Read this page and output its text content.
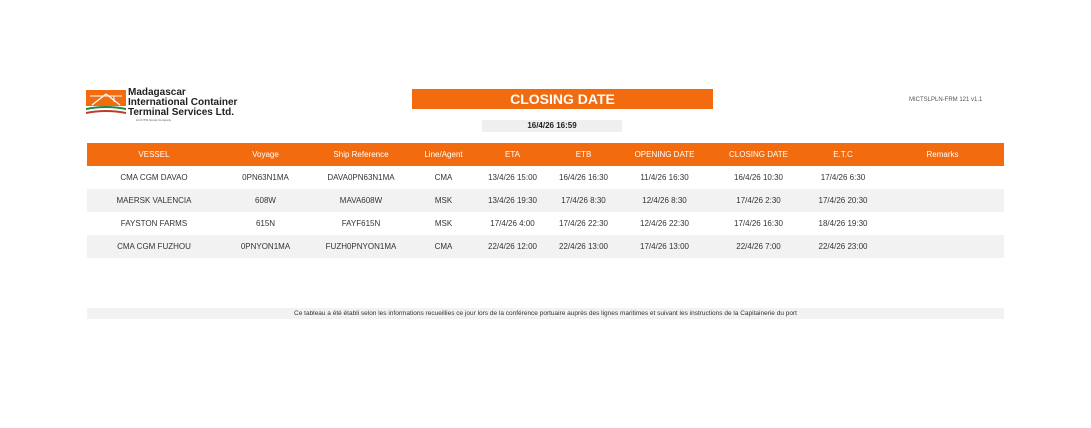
Madagascar
International Container
Terminal Services Ltd.
An ICTSI Group Company
CLOSING DATE	MICTSLPLN-FRM 121 v1.1
16/4/26 16:59
VESSEL	Voyage	Ship Reference	Line/Agent	ETA	ETB	OPENING DATE	CLOSING DATE	E.T.C	Remarks
CMA CGM DAVAO	0PN63N1MA	DAVA0PN63N1MA	CMA	13/4/26 15:00	16/4/26 16:30	11/4/26 16:30	16/4/26 10:30	17/4/26 6:30	
MAERSK VALENCIA	608W	MAVA608W	MSK	13/4/26 19:30	17/4/26 8:30	12/4/26 8:30	17/4/26 2:30	17/4/26 20:30	
FAYSTON FARMS	615N	FAYF615N	MSK	17/4/26 4:00	17/4/26 22:30	12/4/26 22:30	17/4/26 16:30	18/4/26 19:30	
CMA CGM FUZHOU	0PNYON1MA	FUZH0PNYON1MA	CMA	22/4/26 12:00	22/4/26 13:00	17/4/26 13:00	22/4/26 7:00	22/4/26 23:00	
Ce tableau a été établi selon les informations recueillies ce jour lors de la conférence portuaire auprès des lignes maritimes et suivant les instructions de la Capitainerie du port
